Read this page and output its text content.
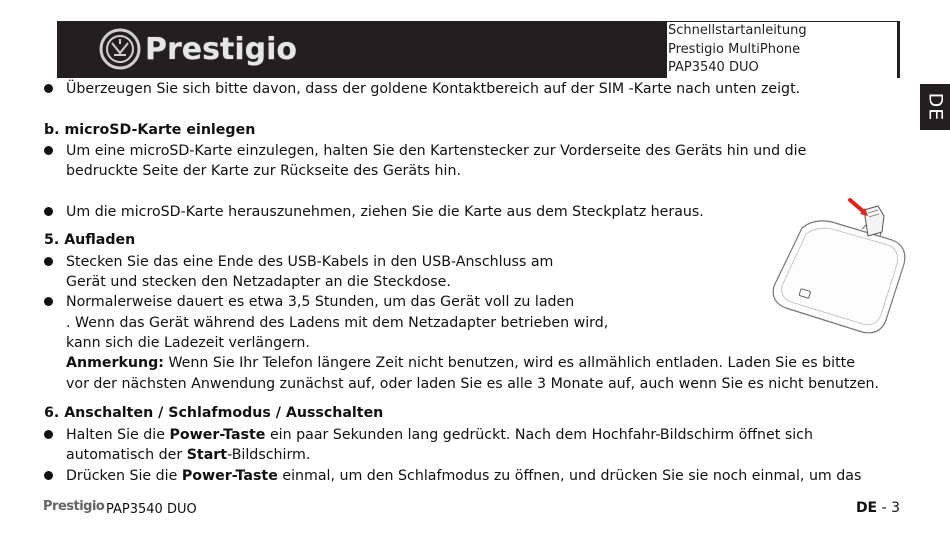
Prestigio
Schnellstartanleitung
Prestigio MultiPhone
PAP3540 DUO
DE
Überzeugen Sie sich bitte davon, dass der goldene Kontaktbereich auf der SIM -Karte nach unten zeigt.
b. microSD-Karte einlegen
Um eine microSD-Karte einzulegen, halten Sie den Kartenstecker zur Vorderseite des Geräts hin und die
bedruckte Seite der Karte zur Rückseite des Geräts hin.
Um die microSD-Karte herauszunehmen, ziehen Sie die Karte aus dem Steckplatz heraus.
5. Aufladen
Stecken Sie das eine Ende des USB-Kabels in den USB-Anschluss am
Gerät und stecken den Netzadapter an die Steckdose.
Normalerweise dauert es etwa 3,5 Stunden, um das Gerät voll zu laden
. Wenn das Gerät während des Ladens mit dem Netzadapter betrieben wird,
kann sich die Ladezeit verlängern.
Anmerkung: Wenn Sie Ihr Telefon längere Zeit nicht benutzen, wird es allmählich entladen. Laden Sie es bitte
vor der nächsten Anwendung zunächst auf, oder laden Sie es alle 3 Monate auf, auch wenn Sie es nicht benutzen.
6. Anschalten / Schlafmodus / Ausschalten
Halten Sie die Power-Taste ein paar Sekunden lang gedrückt. Nach dem Hochfahr-Bildschirm öffnet sich
automatisch der Start-Bildschirm.
Drücken Sie die Power-Taste einmal, um den Schlafmodus zu öffnen, und drücken Sie sie noch einmal, um das
Prestigio PAP3540 DUO	DE - 3
